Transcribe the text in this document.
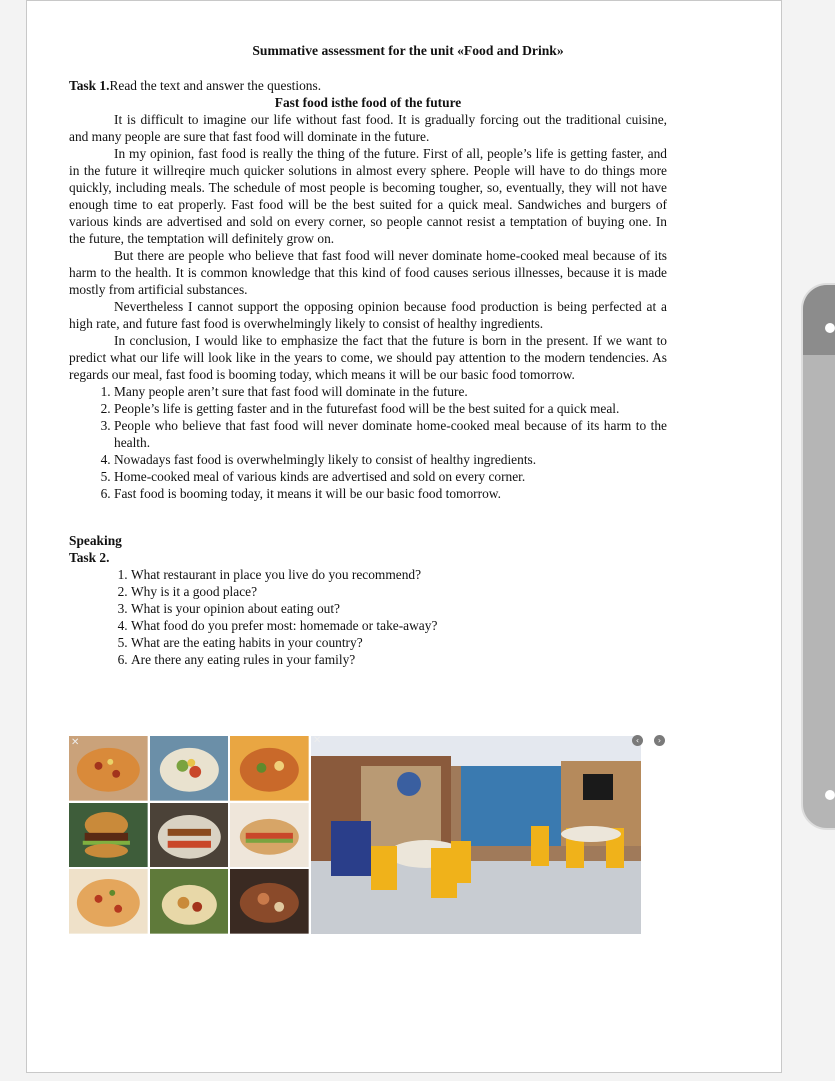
Summative assessment for the unit «Food and Drink»
Task 1.Read the text and answer the questions.
Fast food isthe food of the future

It is difficult to imagine our life without fast food. It is gradually forcing out the traditional cuisine, and many people are sure that fast food will dominate in the future.

In my opinion, fast food is really the thing of the future. First of all, people’s life is getting faster, and in the future it willreqire much quicker solutions in almost every sphere. People will have to do things more quickly, including meals. The schedule of most people is becoming tougher, so, eventually, they will not have enough time to eat properly. Fast food will be the best suited for a quick meal. Sandwiches and burgers of various kinds are advertised and sold on every corner, so people cannot resist a temptation of buying one. In the future, the temptation will definitely grow on.

But there are people who believe that fast food will never dominate home-cooked meal because of its harm to the health. It is common knowledge that this kind of food causes serious illnesses, because it is made mostly from artificial substances.

Nevertheless I cannot support the opposing opinion because food production is being perfected at a high rate, and future fast food is overwhelmingly likely to consist of healthy ingredients.

In conclusion, I would like to emphasize the fact that the future is born in the present. If we want to predict what our life will look like in the years to come, we should pay attention to the modern tendencies. As regards our meal, fast food is booming today, which means it will be our basic food tomorrow.

1. Many people aren’t sure that fast food will dominate in the future.
2. People’s life is getting faster and in the futurefast food will be the best suited for a quick meal.
3. People who believe that fast food will never dominate home-cooked meal because of its harm to the health.
4. Nowadays fast food is overwhelmingly likely to consist of healthy ingredients.
5. Home-cooked meal of various kinds are advertised and sold on every corner.
6. Fast food is booming today, it means it will be our basic food tomorrow.
Speaking
Task 2.
1. What restaurant in place you live do you recommend?
2. Why is it a good place?
3. What is your opinion about eating out?
4. What food do you prefer most: homemade or take-away?
5. What are the eating habits in your country?
6. Are there any eating rules in your family?
✕	✕	‹	›
